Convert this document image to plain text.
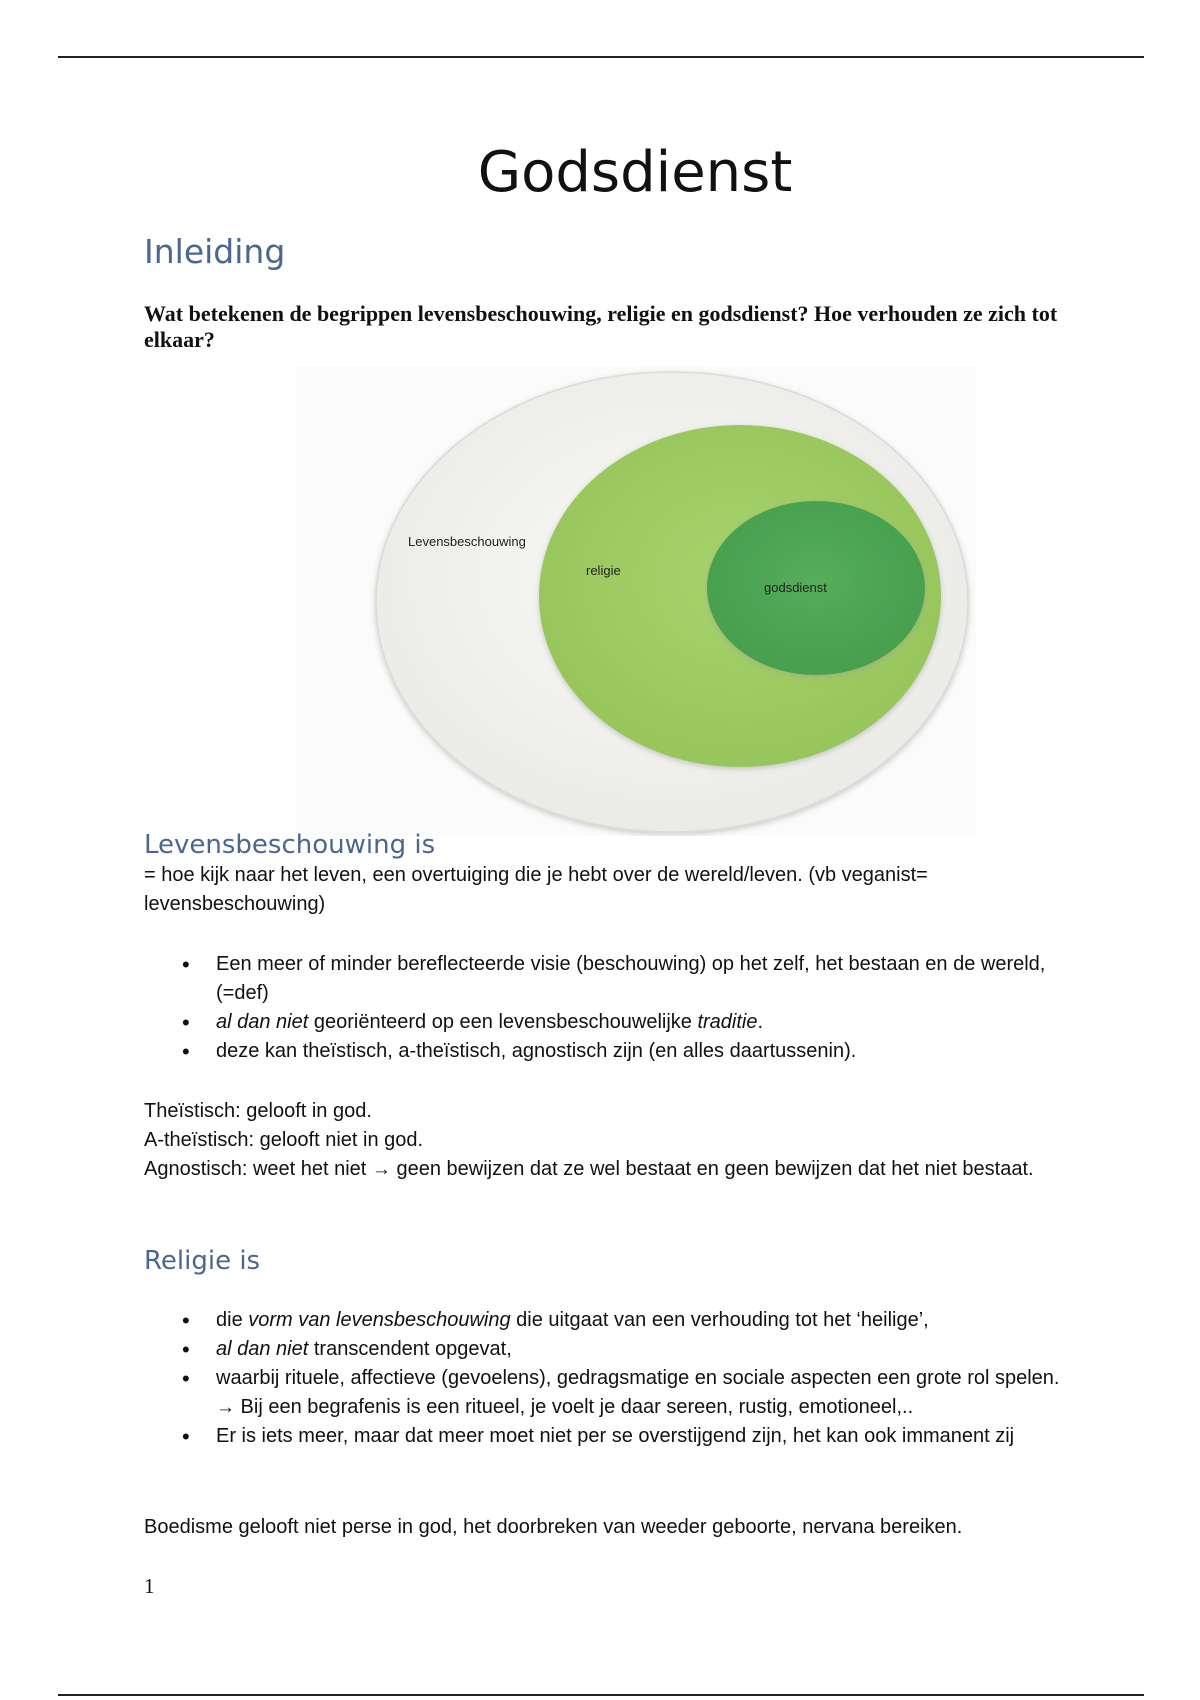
Godsdienst
Inleiding

Wat betekenen de begrippen levensbeschouwing, religie en godsdienst? Hoe verhouden ze zich tot elkaar?

Levensbeschouwing
religie
godsdienst
Levensbeschouwing is

= hoe kijk naar het leven, een overtuiging die je hebt over de wereld/leven. (vb veganist= levensbeschouwing)

• Een meer of minder bereflecteerde visie (beschouwing) op het zelf, het bestaan en de wereld, (=def)
• al dan niet georiënteerd op een levensbeschouwelijke traditie.
• deze kan theïstisch, a-theïstisch, agnostisch zijn (en alles daartussenin).
Theïstisch: gelooft in god.
A-theïstisch: gelooft niet in god.
Agnostisch: weet het niet → geen bewijzen dat ze wel bestaat en geen bewijzen dat het niet bestaat.
Religie is
• die vorm van levensbeschouwing die uitgaat van een verhouding tot het ‘heilige’,
• al dan niet transcendent opgevat,
• waarbij rituele, affectieve (gevoelens), gedragsmatige en sociale aspecten een grote rol spelen.
→ Bij een begrafenis is een ritueel, je voelt je daar sereen, rustig, emotioneel,..
• Er is iets meer, maar dat meer moet niet per se overstijgend zijn, het kan ook immanent zij

Boedisme gelooft niet perse in god, het doorbreken van weeder geboorte, nervana bereiken.

1
